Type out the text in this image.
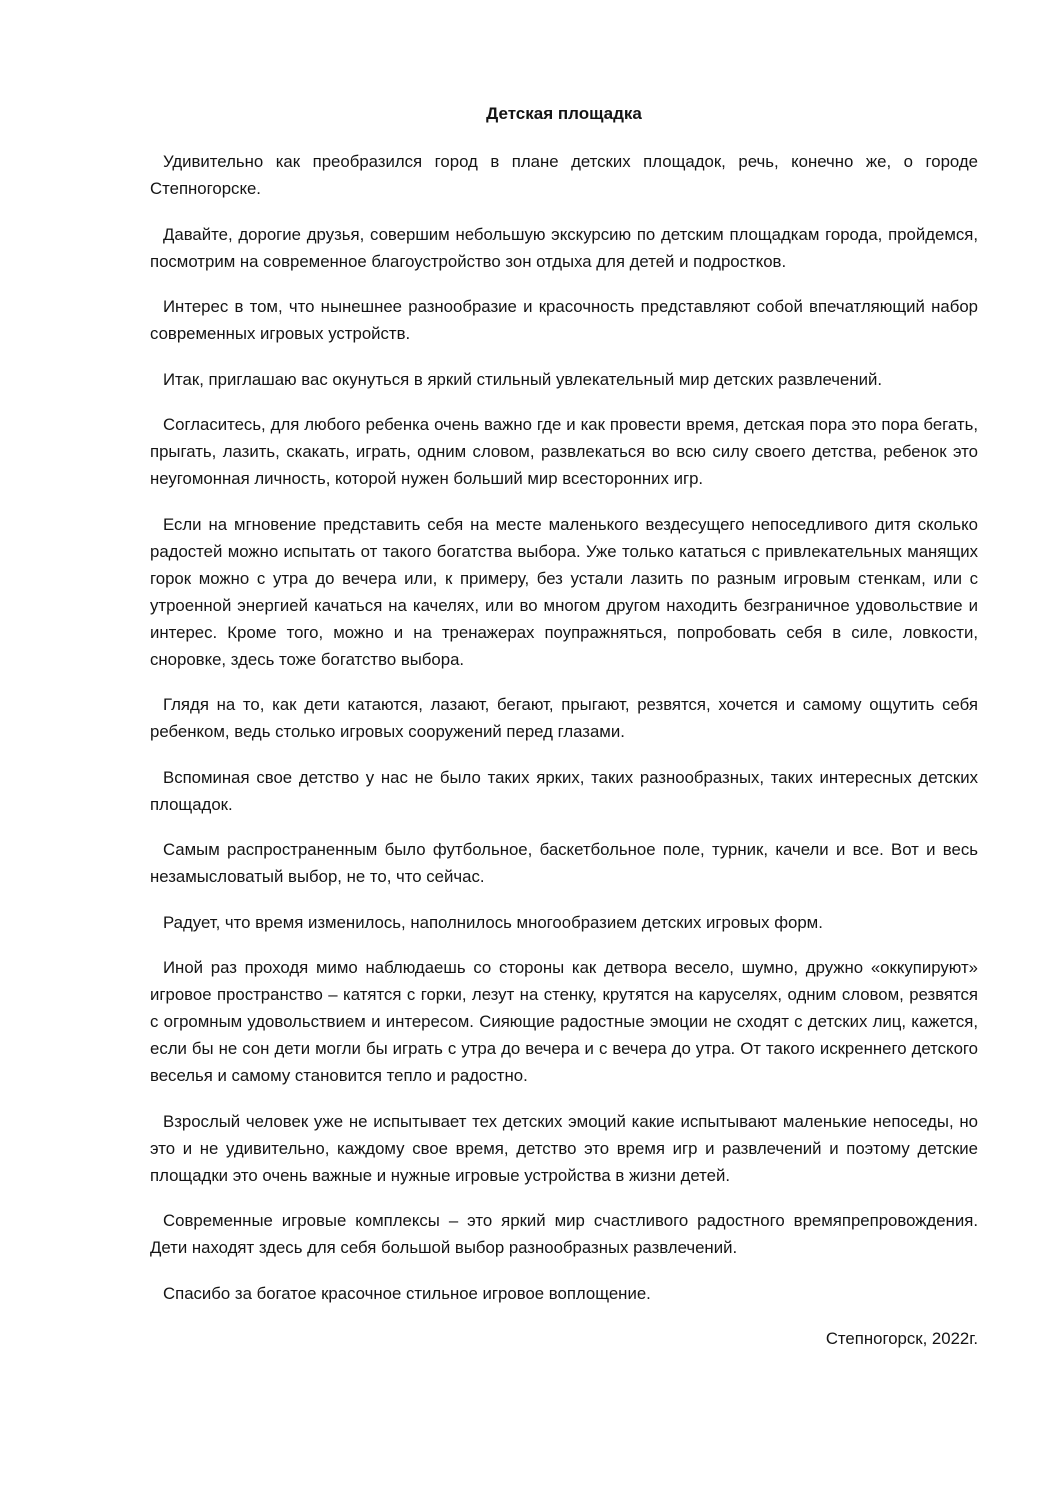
Детская площадка

Удивительно как преобразился город в плане детских площадок, речь, конечно же, о городе Степногорске.

Давайте, дорогие друзья, совершим небольшую экскурсию по детским площадкам города, пройдемся, посмотрим на современное благоустройство зон отдыха для детей и подростков.

Интерес в том, что нынешнее разнообразие и красочность представляют собой впечатляющий набор современных игровых устройств.

Итак, приглашаю вас окунуться в яркий стильный увлекательный мир детских развлечений.

Согласитесь, для любого ребенка очень важно где и как провести время, детская пора это пора бегать, прыгать, лазить, скакать, играть, одним словом, развлекаться во всю силу своего детства, ребенок это неугомонная личность, которой нужен больший мир всесторонних игр.

Если на мгновение представить себя на месте маленького вездесущего непоседливого дитя сколько радостей можно испытать от такого богатства выбора. Уже только кататься с привлекательных манящих горок можно с утра до вечера или, к примеру, без устали лазить по разным игровым стенкам, или с утроенной энергией качаться на качелях, или во многом другом находить безграничное удовольствие и интерес. Кроме того, можно и на тренажерах поупражняться, попробовать себя в силе, ловкости, сноровке, здесь тоже богатство выбора.

Глядя на то, как дети катаются, лазают, бегают, прыгают, резвятся, хочется и самому ощутить себя ребенком, ведь столько игровых сооружений перед глазами.

Вспоминая свое детство у нас не было таких ярких, таких разнообразных, таких интересных детских площадок.

Самым распространенным было футбольное, баскетбольное поле, турник, качели и все. Вот и весь незамысловатый выбор, не то, что сейчас.

Радует, что время изменилось, наполнилось многообразием детских игровых форм.

Иной раз проходя мимо наблюдаешь со стороны как детвора весело, шумно, дружно «оккупируют» игровое пространство – катятся с горки, лезут на стенку, крутятся на каруселях, одним словом, резвятся с огромным удовольствием и интересом. Сияющие радостные эмоции не сходят с детских лиц, кажется, если бы не сон дети могли бы играть с утра до вечера и с вечера до утра. От такого искреннего детского веселья и самому становится тепло и радостно.

Взрослый человек уже не испытывает тех детских эмоций какие испытывают маленькие непоседы, но это и не удивительно, каждому свое время, детство это время игр и развлечений и поэтому детские площадки это очень важные и нужные игровые устройства в жизни детей.

Современные игровые комплексы – это яркий мир счастливого радостного времяпрепровождения. Дети находят здесь для себя большой выбор разнообразных развлечений.

Спасибо за богатое красочное стильное игровое воплощение.

Степногорск, 2022г.
